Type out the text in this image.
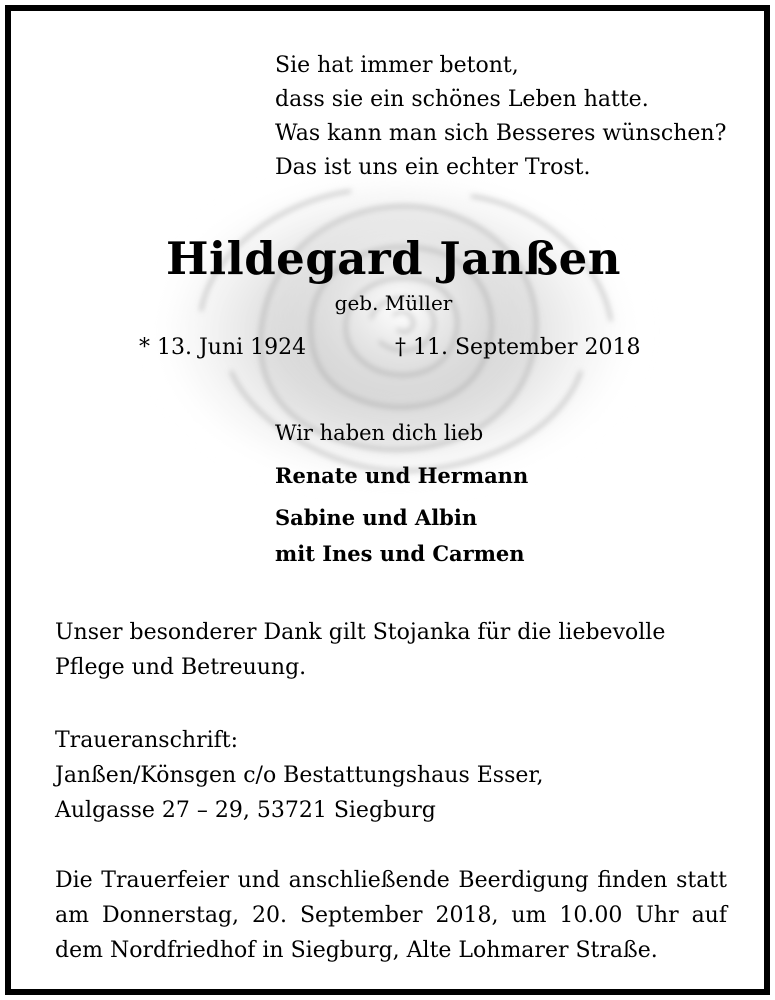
Sie hat immer betont,
dass sie ein schönes Leben hatte.
Was kann man sich Besseres wünschen?
Das ist uns ein echter Trost.
Hildegard Janßen
geb. Müller
* 13. Juni 1924	† 11. September 2018
Wir haben dich lieb
Renate und Hermann
Sabine und Albin
mit Ines und Carmen
Unser besonderer Dank gilt Stojanka für die liebevolle Pflege und Betreuung.
Traueranschrift:
Janßen/Könsgen c/o Bestattungshaus Esser,
Aulgasse 27 – 29, 53721 Siegburg
Die Trauerfeier und anschließende Beerdigung finden statt am Donnerstag, 20. September 2018, um 10.00 Uhr auf dem Nordfriedhof in Siegburg, Alte Lohmarer Straße.
